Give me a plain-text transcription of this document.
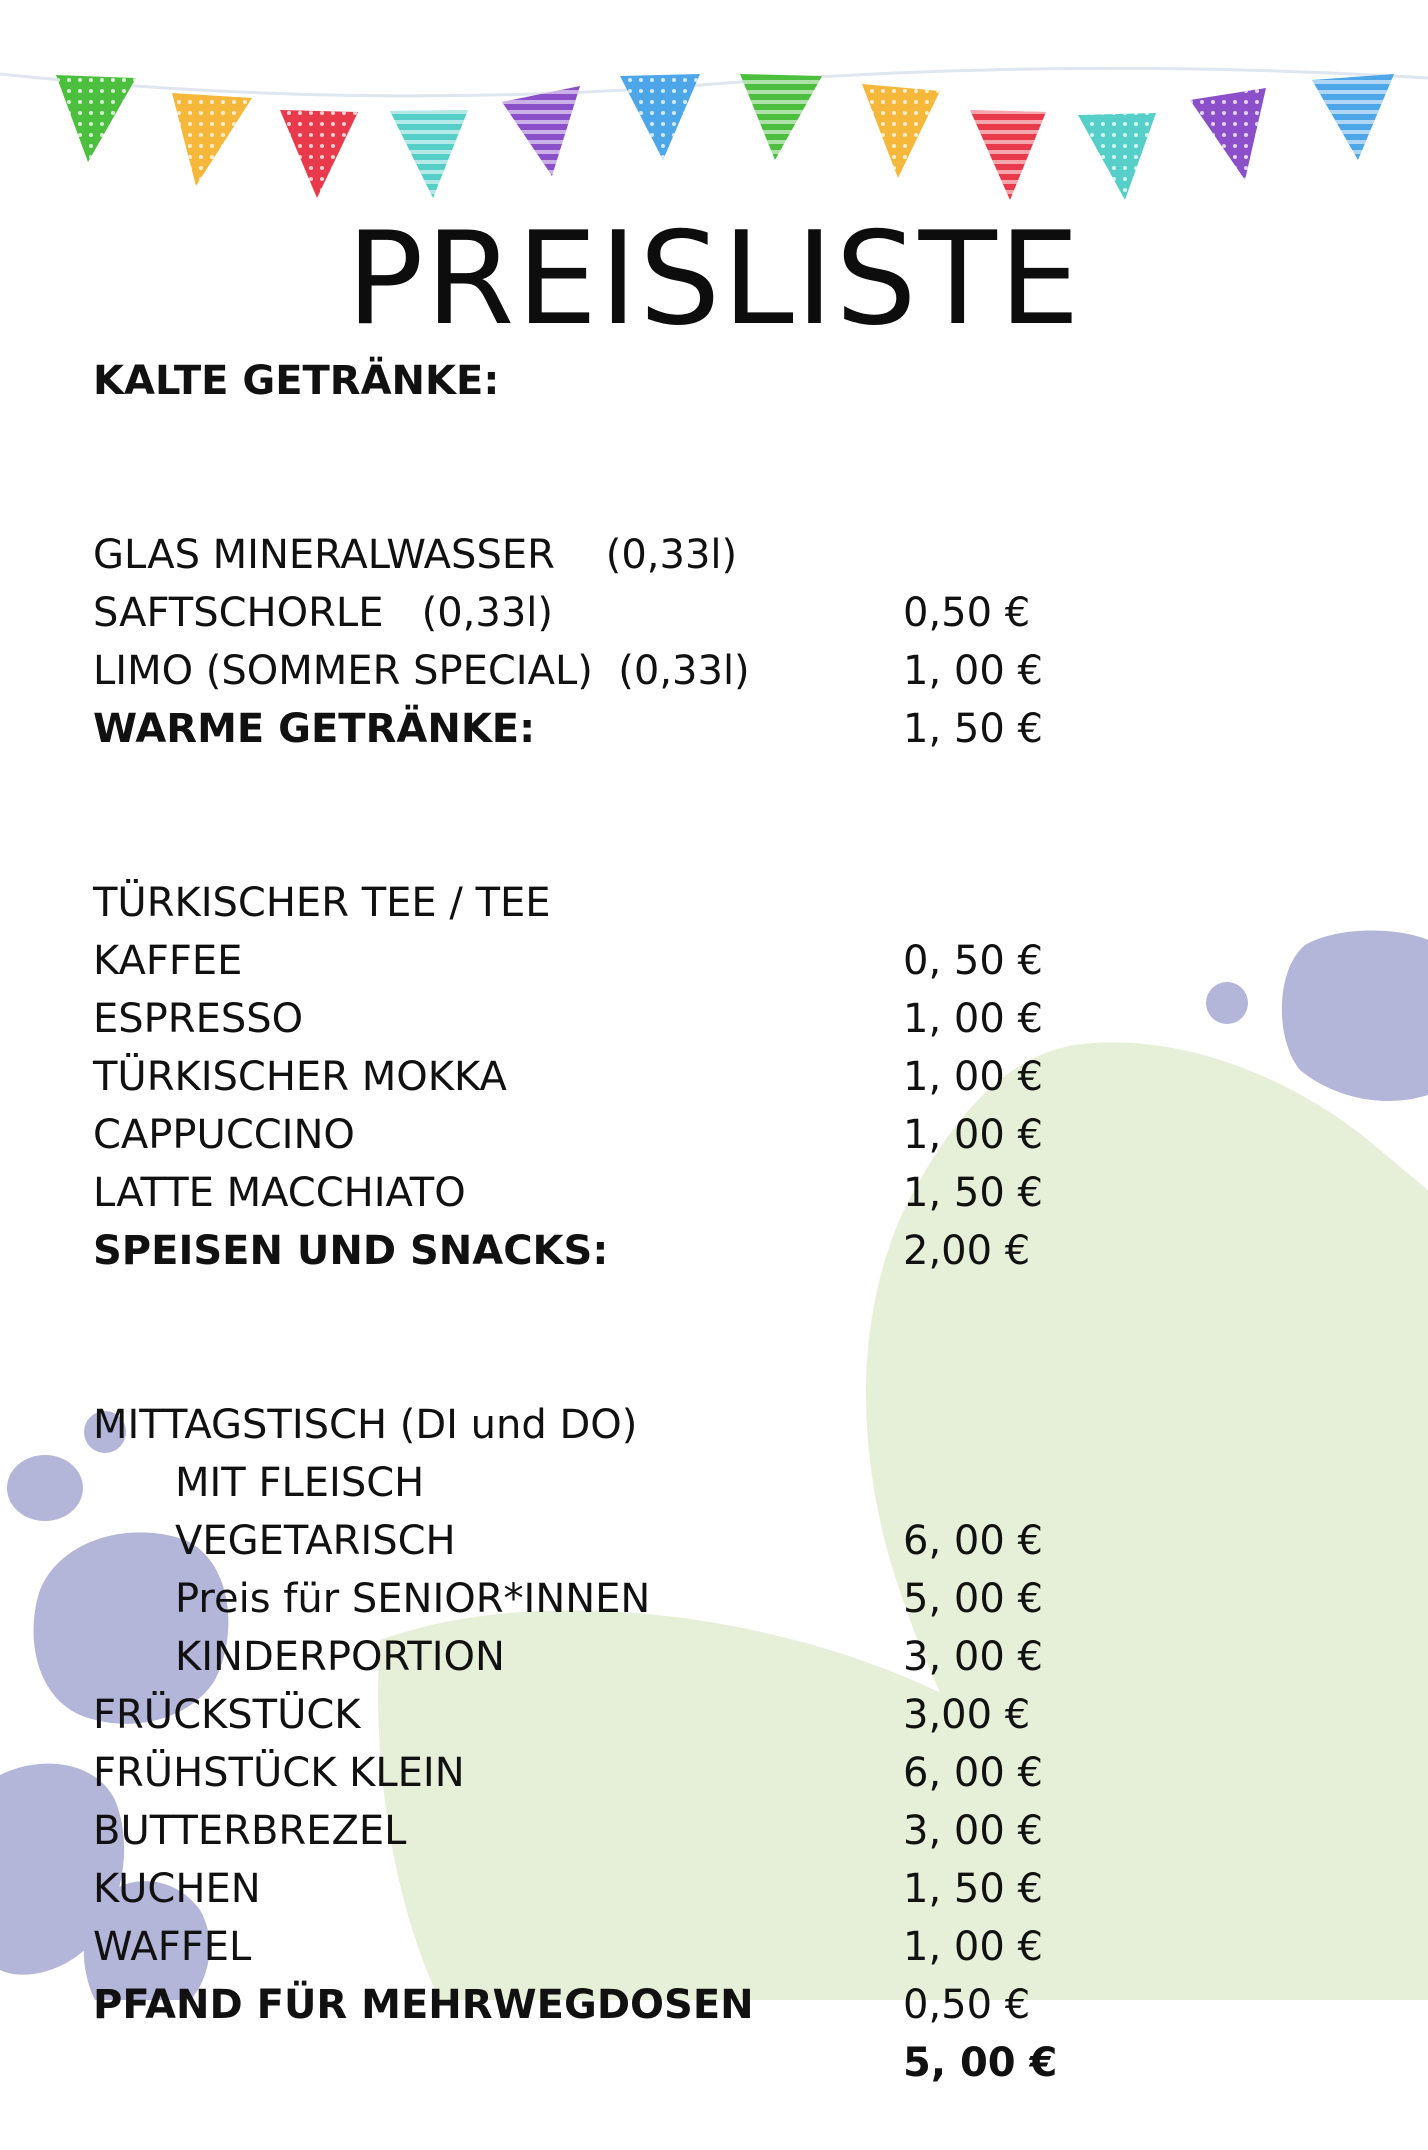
PREISLISTE
KALTE GETRÄNKE:

GLAS MINERALWASSER    (0,33l)

0,50 €

SAFTSCHORLE   (0,33l)

1, 00 €

LIMO (SOMMER SPECIAL)  (0,33l)

1, 50 €

WARME GETRÄNKE:

TÜRKISCHER TEE / TEE

0, 50 €

KAFFEE

1, 00 €

ESPRESSO

1, 00 €

TÜRKISCHER MOKKA

1, 00 €

CAPPUCCINO

1, 50 €

LATTE MACCHIATO

2,00 €

SPEISEN UND SNACKS:

MITTAGSTISCH (DI und DO)

MIT FLEISCH

6, 00 €

VEGETARISCH

5, 00 €

Preis für SENIOR*INNEN

3, 00 €

KINDERPORTION

3,00 €

FRÜCKSTÜCK

6, 00 €

FRÜHSTÜCK KLEIN

3, 00 €

BUTTERBREZEL

1, 50 €

KUCHEN

1, 00 €

WAFFEL

0,50 €

PFAND FÜR MEHRWEGDOSEN

5, 00 €
